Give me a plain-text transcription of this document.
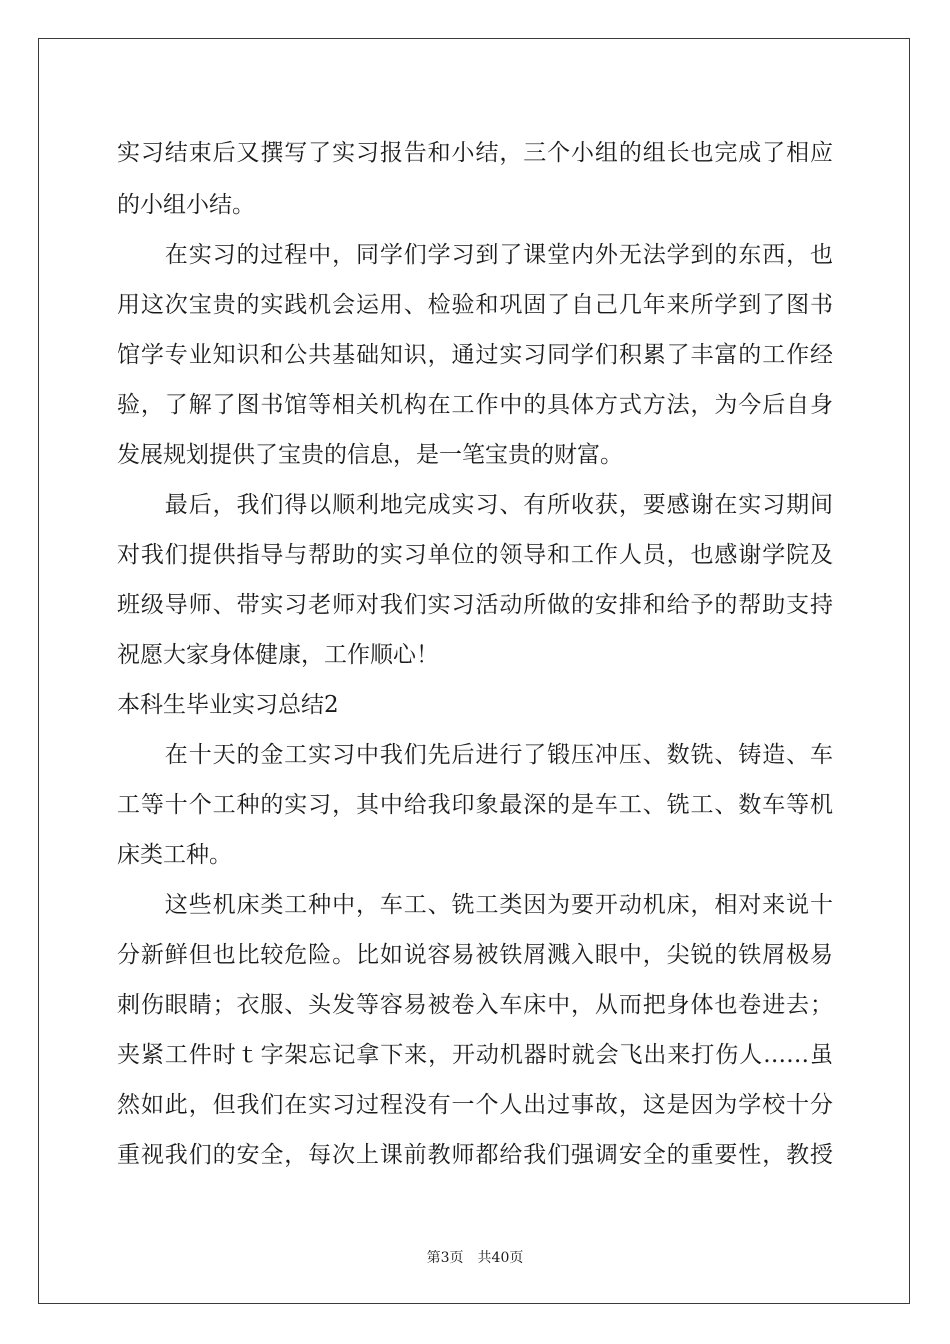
实习结束后又撰写了实习报告和小结，三个小组的组长也完成了相应
的小组小结。
　　在实习的过程中，同学们学习到了课堂内外无法学到的东西，也
用这次宝贵的实践机会运用、检验和巩固了自己几年来所学到了图书
馆学专业知识和公共基础知识，通过实习同学们积累了丰富的工作经
验，了解了图书馆等相关机构在工作中的具体方式方法，为今后自身
发展规划提供了宝贵的信息，是一笔宝贵的财富。
　　最后，我们得以顺利地完成实习、有所收获，要感谢在实习期间
对我们提供指导与帮助的实习单位的领导和工作人员，也感谢学院及
班级导师、带实习老师对我们实习活动所做的安排和给予的帮助支持
祝愿大家身体健康，工作顺心！
本科生毕业实习总结2
　　在十天的金工实习中我们先后进行了锻压冲压、数铣、铸造、车
工等十个工种的实习，其中给我印象最深的是车工、铣工、数车等机
床类工种。
　　这些机床类工种中，车工、铣工类因为要开动机床，相对来说十
分新鲜但也比较危险。比如说容易被铁屑溅入眼中，尖锐的铁屑极易
刺伤眼睛；衣服、头发等容易被卷入车床中，从而把身体也卷进去；
夹紧工件时ｔ字架忘记拿下来，开动机器时就会飞出来打伤人……虽
然如此，但我们在实习过程没有一个人出过事故，这是因为学校十分
重视我们的安全，每次上课前教师都给我们强调安全的重要性，教授
第3页 共40页
